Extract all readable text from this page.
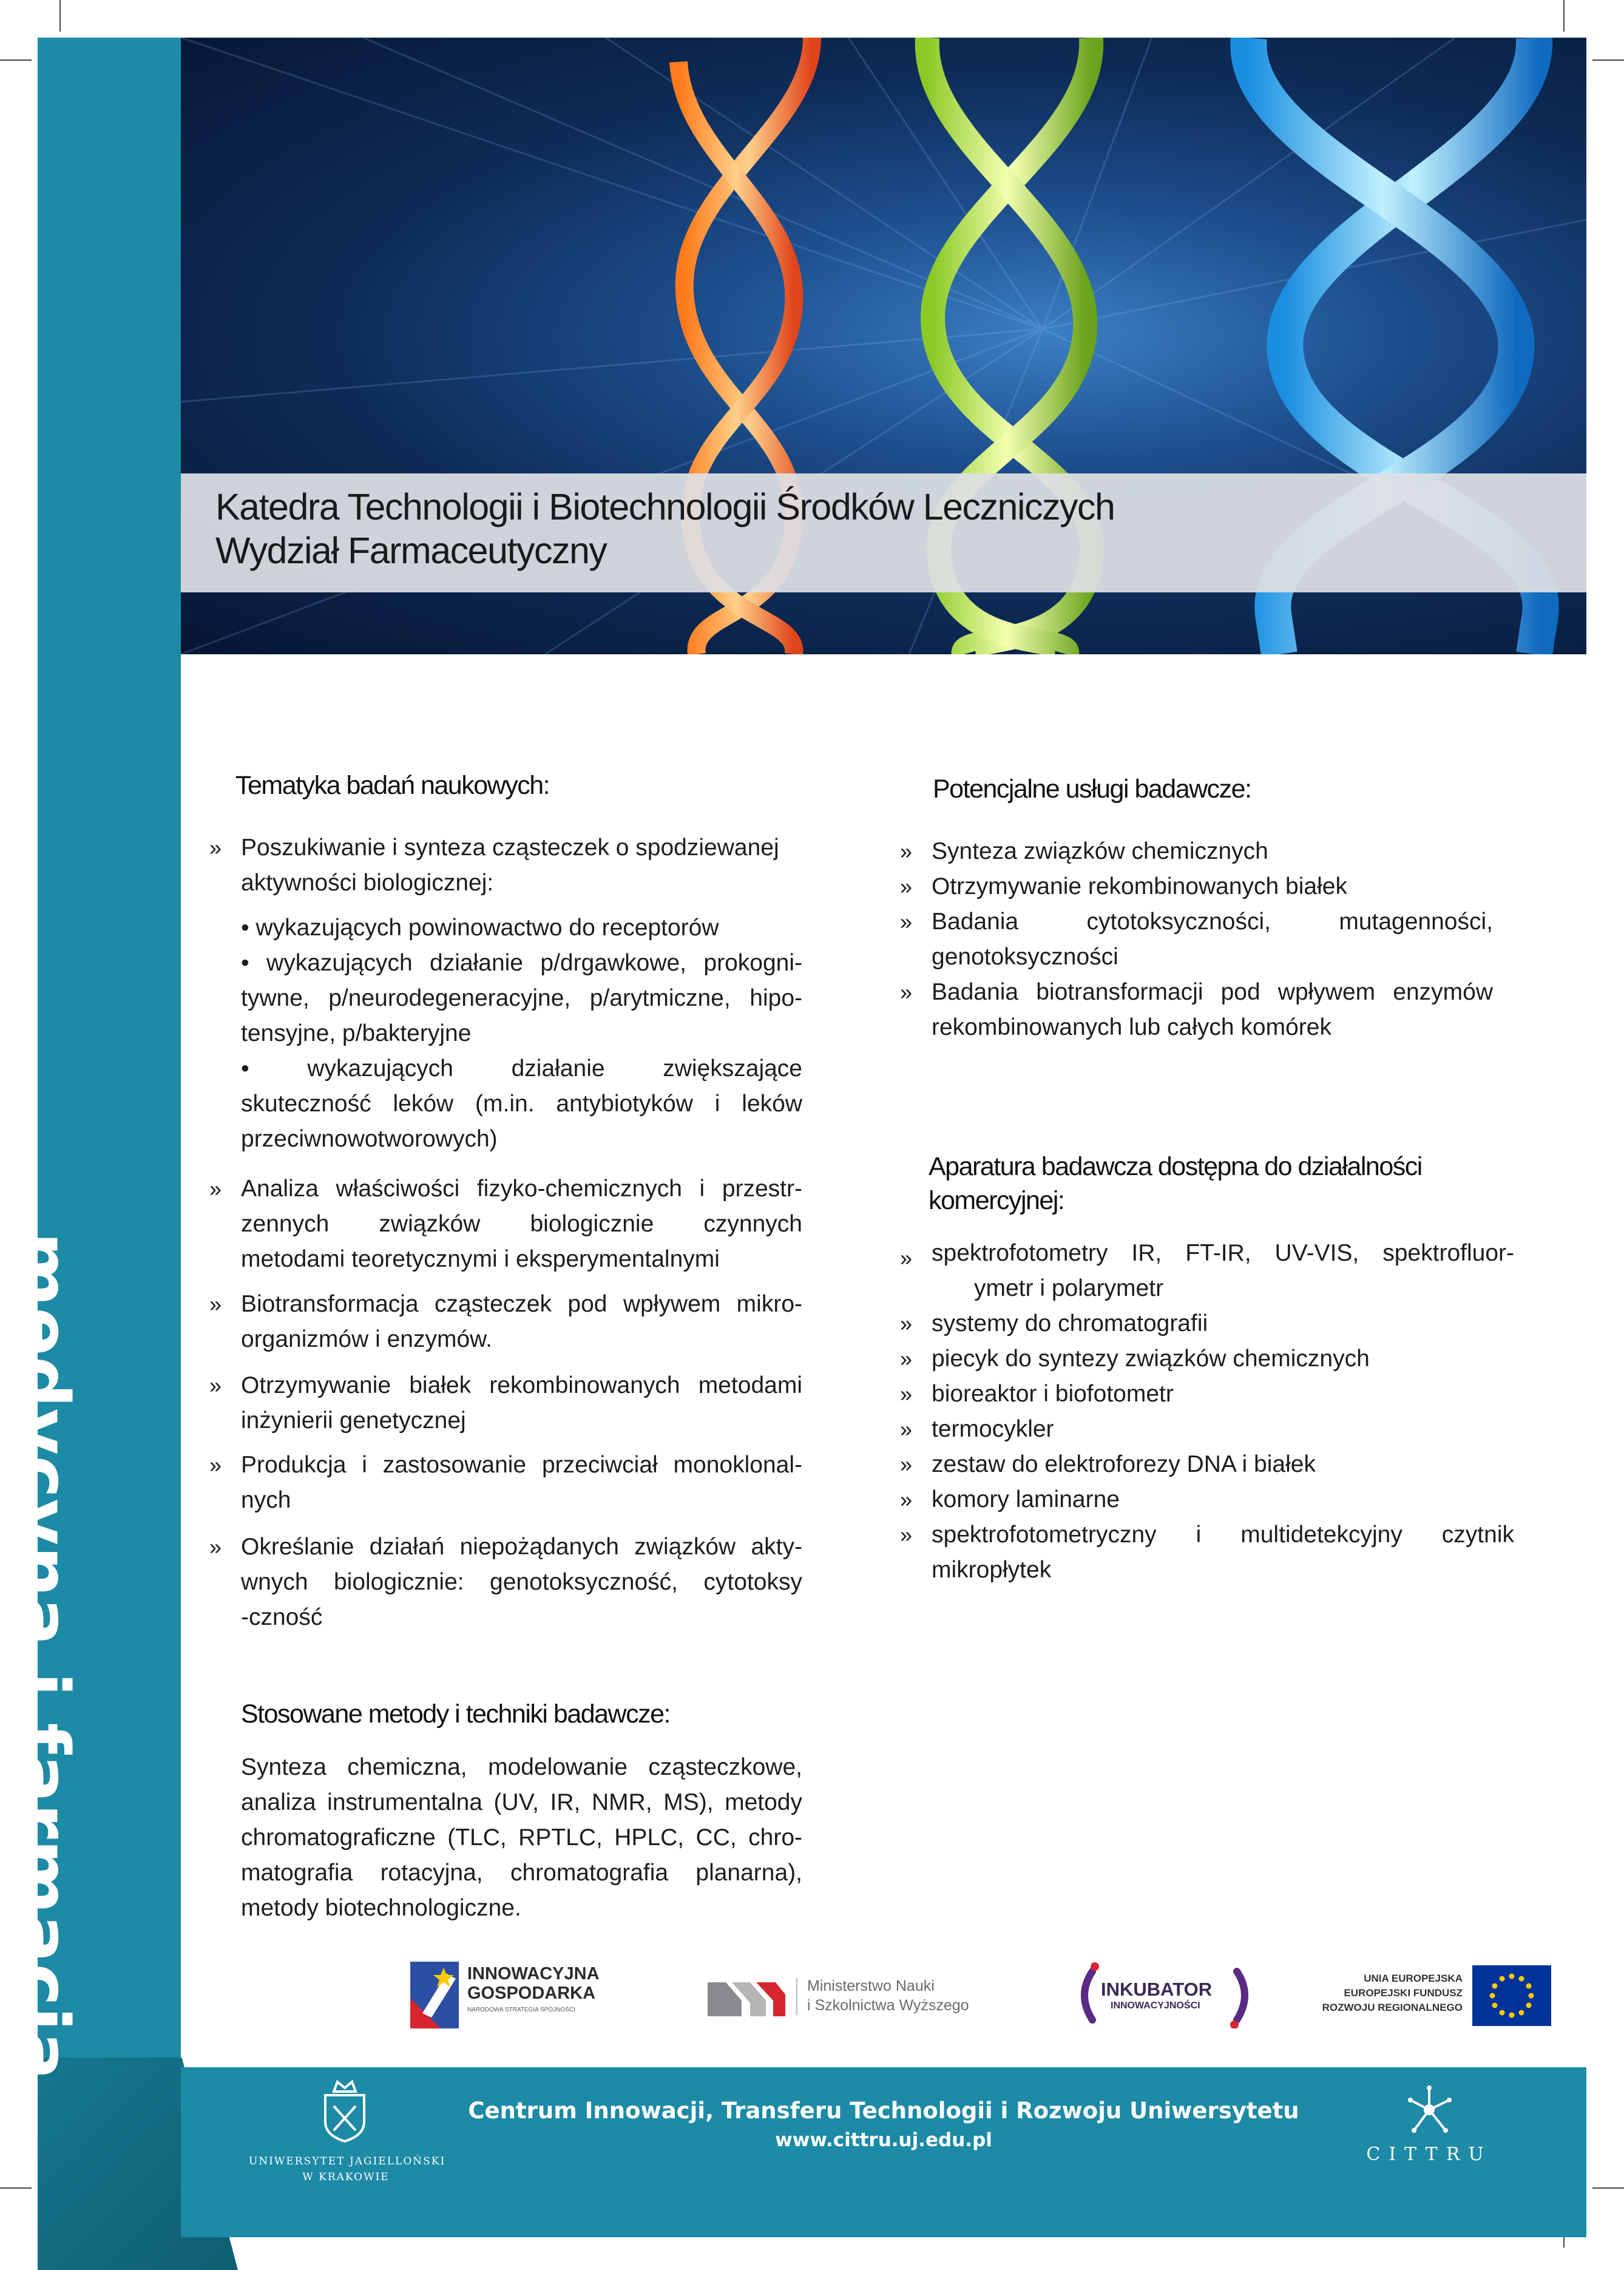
medycyna i farmacja
Katedra Technologii i Biotechnologii Środków Leczniczych
Wydział Farmaceutyczny
Tematyka badań naukowych:
» Poszukiwanie i synteza cząsteczek o spodziewanej
aktywności biologicznej:
• wykazujących powinowactwo do receptorów
• wykazujących działanie p/drgawkowe, prokogni-
tywne, p/neurodegeneracyjne, p/arytmiczne, hipo-
tensyjne, p/bakteryjne
• wykazujących działanie zwiększające
skuteczność leków (m.in. antybiotyków i leków
przeciwnowotworowych)
» Analiza właściwości fizyko-chemicznych i przestr-
zennych związków biologicznie czynnych
metodami teoretycznymi i eksperymentalnymi
» Biotransformacja cząsteczek pod wpływem mikro-
organizmów i enzymów.
» Otrzymywanie białek rekombinowanych metodami
inżynierii genetycznej
» Produkcja i zastosowanie przeciwciał monoklonal-
nych
» Określanie działań niepożądanych związków akty-
wnych biologicznie: genotoksyczność, cytotoksy
-czność
Stosowane metody i techniki badawcze:
Synteza chemiczna, modelowanie cząsteczkowe,
analiza instrumentalna (UV, IR, NMR, MS), metody
chromatograficzne (TLC, RPTLC, HPLC, CC, chro-
matografia rotacyjna, chromatografia planarna),
metody biotechnologiczne.
Potencjalne usługi badawcze:
» Synteza związków chemicznych
» Otrzymywanie rekombinowanych białek
» Badania cytotoksyczności, mutagenności,
genotoksyczności
» Badania biotransformacji pod wpływem enzymów
rekombinowanych lub całych komórek
Aparatura badawcza dostępna do działalności
komercyjnej:
» spektrofotometry IR, FT-IR, UV-VIS, spektrofluor-
ymetr i polarymetr
» systemy do chromatografii
» piecyk do syntezy związków chemicznych
» bioreaktor i biofotometr
» termocykler
» zestaw do elektroforezy DNA i białek
» komory laminarne
» spektrofotometryczny i multidetekcyjny czytnik
mikropłytek
INNOWACYJNA
GOSPODARKA
NARODOWA STRATEGIA SPÓJNOŚCI
Ministerstwo Nauki
i Szkolnictwa Wyższego
INKUBATOR
INNOWACYJNOŚCI
UNIA EUROPEJSKA
EUROPEJSKI FUNDUSZ
ROZWOJU REGIONALNEGO
UNIWERSYTET JAGIELLOŃSKI
W KRAKOWIE
Centrum Innowacji, Transferu Technologii i Rozwoju Uniwersytetu
www.cittru.uj.edu.pl
CITTRU
